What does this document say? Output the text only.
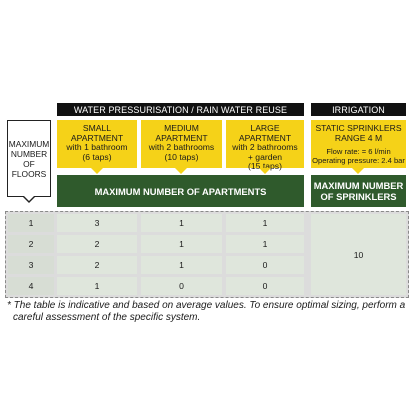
WATER PRESSURISATION / RAIN WATER REUSE	IRRIGATION
SMALL APARTMENT
with 1 bathroom
(6 taps)
MEDIUM APARTMENT
with 2 bathrooms
(10 taps)
LARGE APARTMENT
with 2 bathrooms
+ garden
(15 taps)
STATIC SPRINKLERS
RANGE 4 M
Flow rate: = 6 l/min
Operating pressure: 2.4 bar
MAXIMUM
NUMBER
OF FLOORS
MAXIMUM NUMBER OF APARTMENTS	MAXIMUM NUMBER
OF SPRINKLERS
1	3	1	1
2	2	1	1
3	2	1	0
4	1	0	0
10
* The table is indicative and based on average values. To ensure optimal sizing, perform a
careful assessment of the specific system.
